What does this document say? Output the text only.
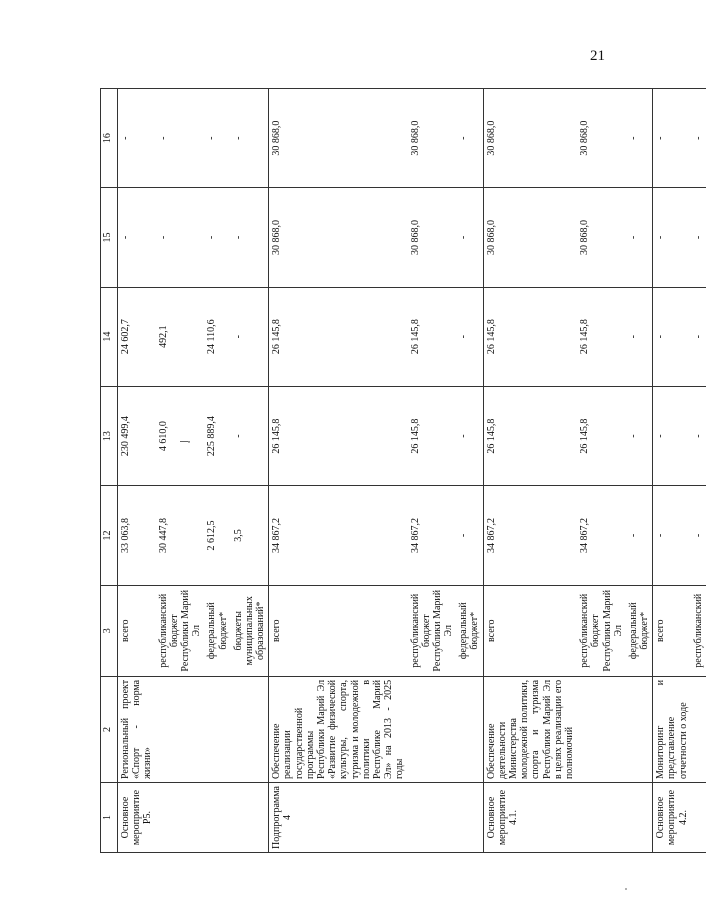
21
1	2	3	12	13	14	15	16
Основное мероприятие Р5.	Региональный проект «Спорт - норма жизни»	всего	33 063,8	230 499,4	24 602,7	-	-
		республиканский бюджет Республики Марий Эл	30 447,8	4 610,0	492,1	-	-
		федеральный бюджет*	2 612,5	225 889,4	24 110,6	-	-
		бюджеты муниципальных образований*	3,5	-	-	-	-
Подпрограмма 4	Обеспечение реализации государственной программы Республики Марий Эл «Развитие физической культуры, спорта, туризма и молодежной политики в Республике Марий Эл» на 2013 - 2025 годы	всего	34 867,2	26 145,8	26 145,8	30 868,0	30 868,0
		республиканский бюджет Республики Марий Эл	34 867,2	26 145,8	26 145,8	30 868,0	30 868,0
		федеральный бюджет*	-	-	-	-	-
Основное мероприятие 4.1.	Обеспечение деятельности Министерства молодежной политики, спорта и туризма Республики Марий Эл в целях реализации его полномочий	всего	34 867,2	26 145,8	26 145,8	30 868,0	30 868,0
		республиканский бюджет Республики Марий Эл	34 867,2	26 145,8	26 145,8	30 868,0	30 868,0
		федеральный бюджет*	-	-	-	-	-
Основное мероприятие 4.2.	Мониторинг и представление отчетности о ходе	всего	-	-	-	-	-
		республиканский	-	-	-	-	-
